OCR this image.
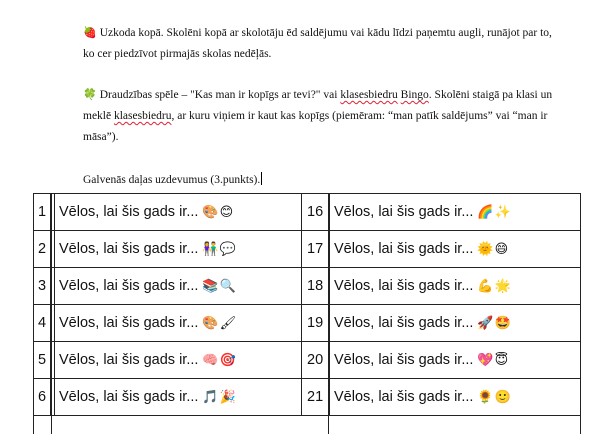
🍓 Uzkoda kopā. Skolēni kopā ar skolotāju ēd saldējumu vai kādu līdzi paņemtu augli, runājot par to, ko cer piedzīvot pirmajās skolas nedēļās.
🍀 Draudzības spēle – "Kas man ir kopīgs ar tevi?" vai klasesbiedru Bingo. Skolēni staigā pa klasi un meklē klasesbiedru, ar kuru viņiem ir kaut kas kopīgs (piemēram: “man patīk saldējums” vai “man ir māsa”).
Galvenās daļas uzdevumus (3.punkts).
1 Vēlos, lai šis gads ir... 🎨😊	16 Vēlos, lai šis gads ir... 🌈✨
2 Vēlos, lai šis gads ir... 👫💬	17 Vēlos, lai šis gads ir... 🌞😄
3 Vēlos, lai šis gads ir... 📚🔍	18 Vēlos, lai šis gads ir... 💪🌟
4 Vēlos, lai šis gads ir... 🎨🖌	19 Vēlos, lai šis gads ir... 🚀🤩
5 Vēlos, lai šis gads ir... 🧠🎯	20 Vēlos, lai šis gads ir... 💖😇
6 Vēlos, lai šis gads ir... 🎵🎉	21 Vēlos, lai šis gads ir... 🌻🙂
